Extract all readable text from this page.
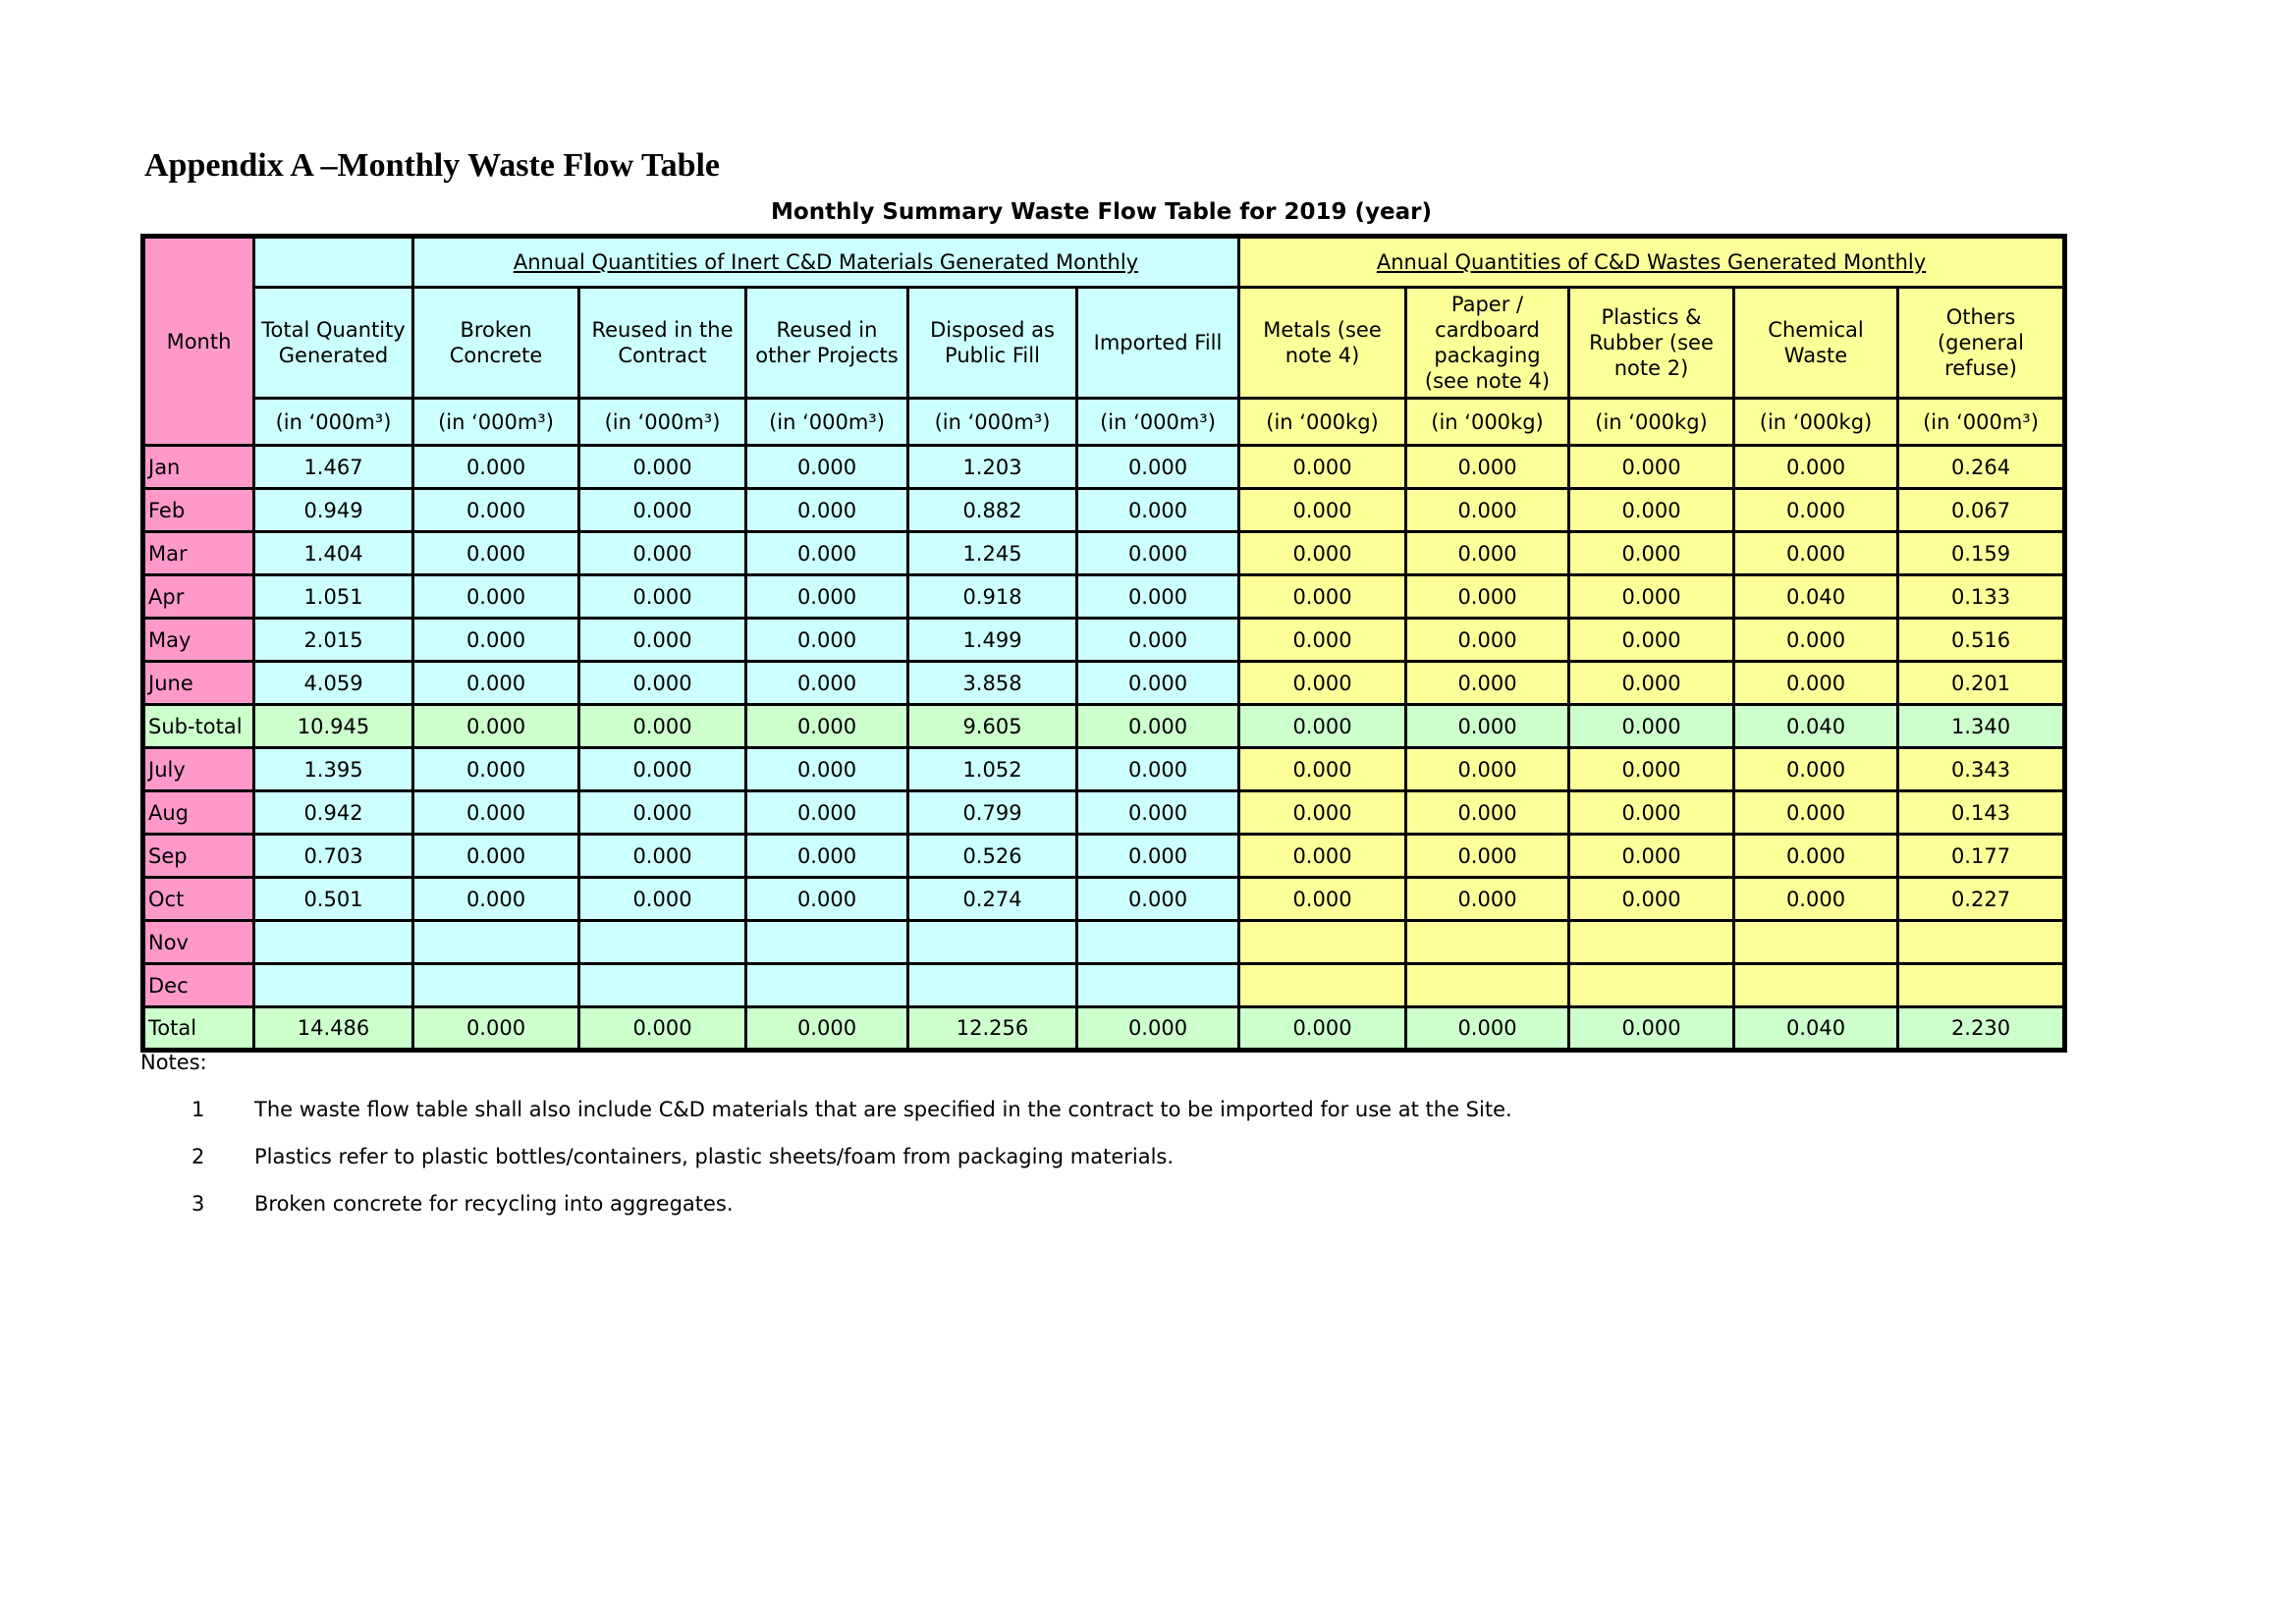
Appendix A –Monthly Waste Flow Table
Monthly Summary Waste Flow Table for 2019 (year)
Month		Annual Quantities of Inert C&D Materials Generated Monthly					Annual Quantities of C&D Wastes Generated Monthly				
	Total Quantity Generated	Broken Concrete	Reused in the Contract	Reused in other Projects	Disposed as Public Fill	Imported Fill	Metals (see note 4)	Paper / cardboard packaging (see note 4)	Plastics & Rubber (see note 2)	Chemical Waste	Others (general refuse)
	(in ‘000m³)	(in ‘000m³)	(in ‘000m³)	(in ‘000m³)	(in ‘000m³)	(in ‘000m³)	(in ‘000kg)	(in ‘000kg)	(in ‘000kg)	(in ‘000kg)	(in ‘000m³)
Jan	1.467	0.000	0.000	0.000	1.203	0.000	0.000	0.000	0.000	0.000	0.264
Feb	0.949	0.000	0.000	0.000	0.882	0.000	0.000	0.000	0.000	0.000	0.067
Mar	1.404	0.000	0.000	0.000	1.245	0.000	0.000	0.000	0.000	0.000	0.159
Apr	1.051	0.000	0.000	0.000	0.918	0.000	0.000	0.000	0.000	0.040	0.133
May	2.015	0.000	0.000	0.000	1.499	0.000	0.000	0.000	0.000	0.000	0.516
June	4.059	0.000	0.000	0.000	3.858	0.000	0.000	0.000	0.000	0.000	0.201
Sub-total	10.945	0.000	0.000	0.000	9.605	0.000	0.000	0.000	0.000	0.040	1.340
July	1.395	0.000	0.000	0.000	1.052	0.000	0.000	0.000	0.000	0.000	0.343
Aug	0.942	0.000	0.000	0.000	0.799	0.000	0.000	0.000	0.000	0.000	0.143
Sep	0.703	0.000	0.000	0.000	0.526	0.000	0.000	0.000	0.000	0.000	0.177
Oct	0.501	0.000	0.000	0.000	0.274	0.000	0.000	0.000	0.000	0.000	0.227
Nov											
Dec											
Total	14.486	0.000	0.000	0.000	12.256	0.000	0.000	0.000	0.000	0.040	2.230
Notes:
1	The waste flow table shall also include C&D materials that are specified in the contract to be imported for use at the Site.
2	Plastics refer to plastic bottles/containers, plastic sheets/foam from packaging materials.
3	Broken concrete for recycling into aggregates.
